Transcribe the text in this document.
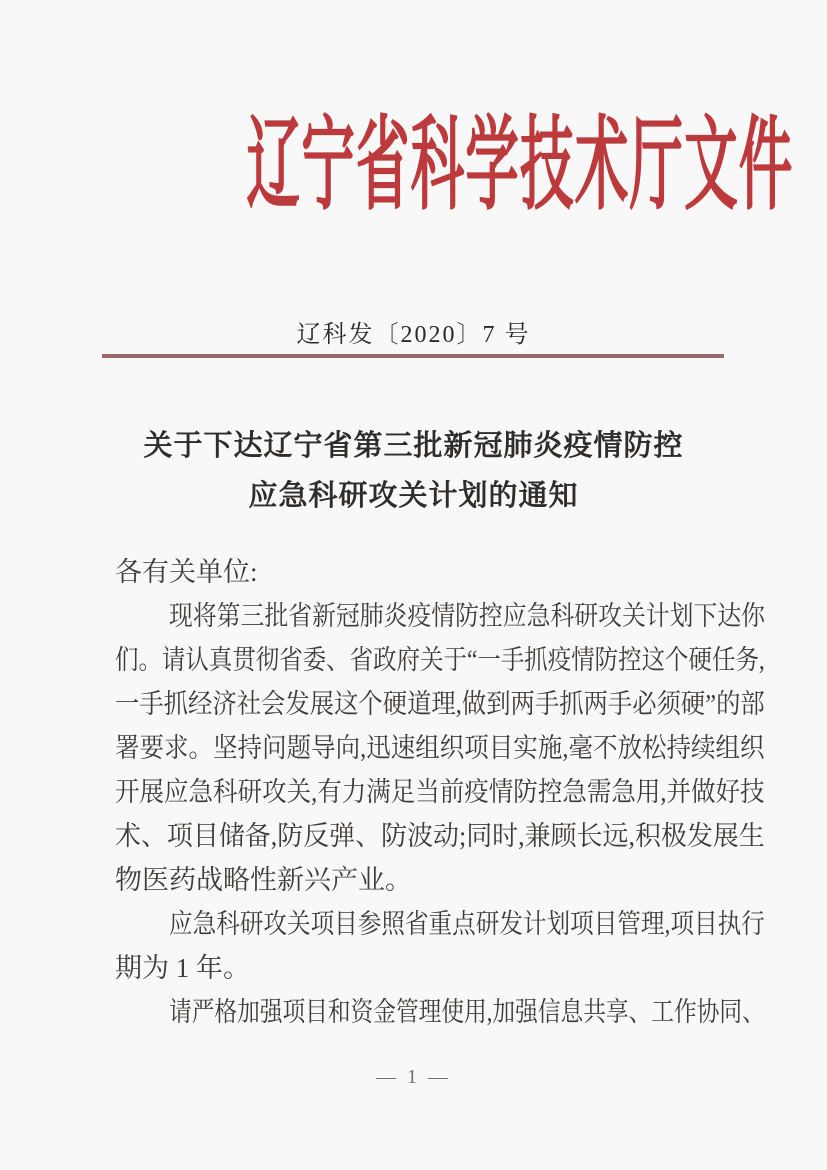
辽宁省科学技术厅文件
辽科发〔2020〕7 号
关于下达辽宁省第三批新冠肺炎疫情防控
应急科研攻关计划的通知
各有关单位:
现将第三批省新冠肺炎疫情防控应急科研攻关计划下达你
们。请认真贯彻省委、省政府关于“一手抓疫情防控这个硬任务,
一手抓经济社会发展这个硬道理,做到两手抓两手必须硬”的部
署要求。坚持问题导向,迅速组织项目实施,毫不放松持续组织
开展应急科研攻关,有力满足当前疫情防控急需急用,并做好技
术、项目储备,防反弹、防波动;同时,兼顾长远,积极发展生
物医药战略性新兴产业。
应急科研攻关项目参照省重点研发计划项目管理,项目执行
期为 1 年。
请严格加强项目和资金管理使用,加强信息共享、工作协同、
— 1 —
